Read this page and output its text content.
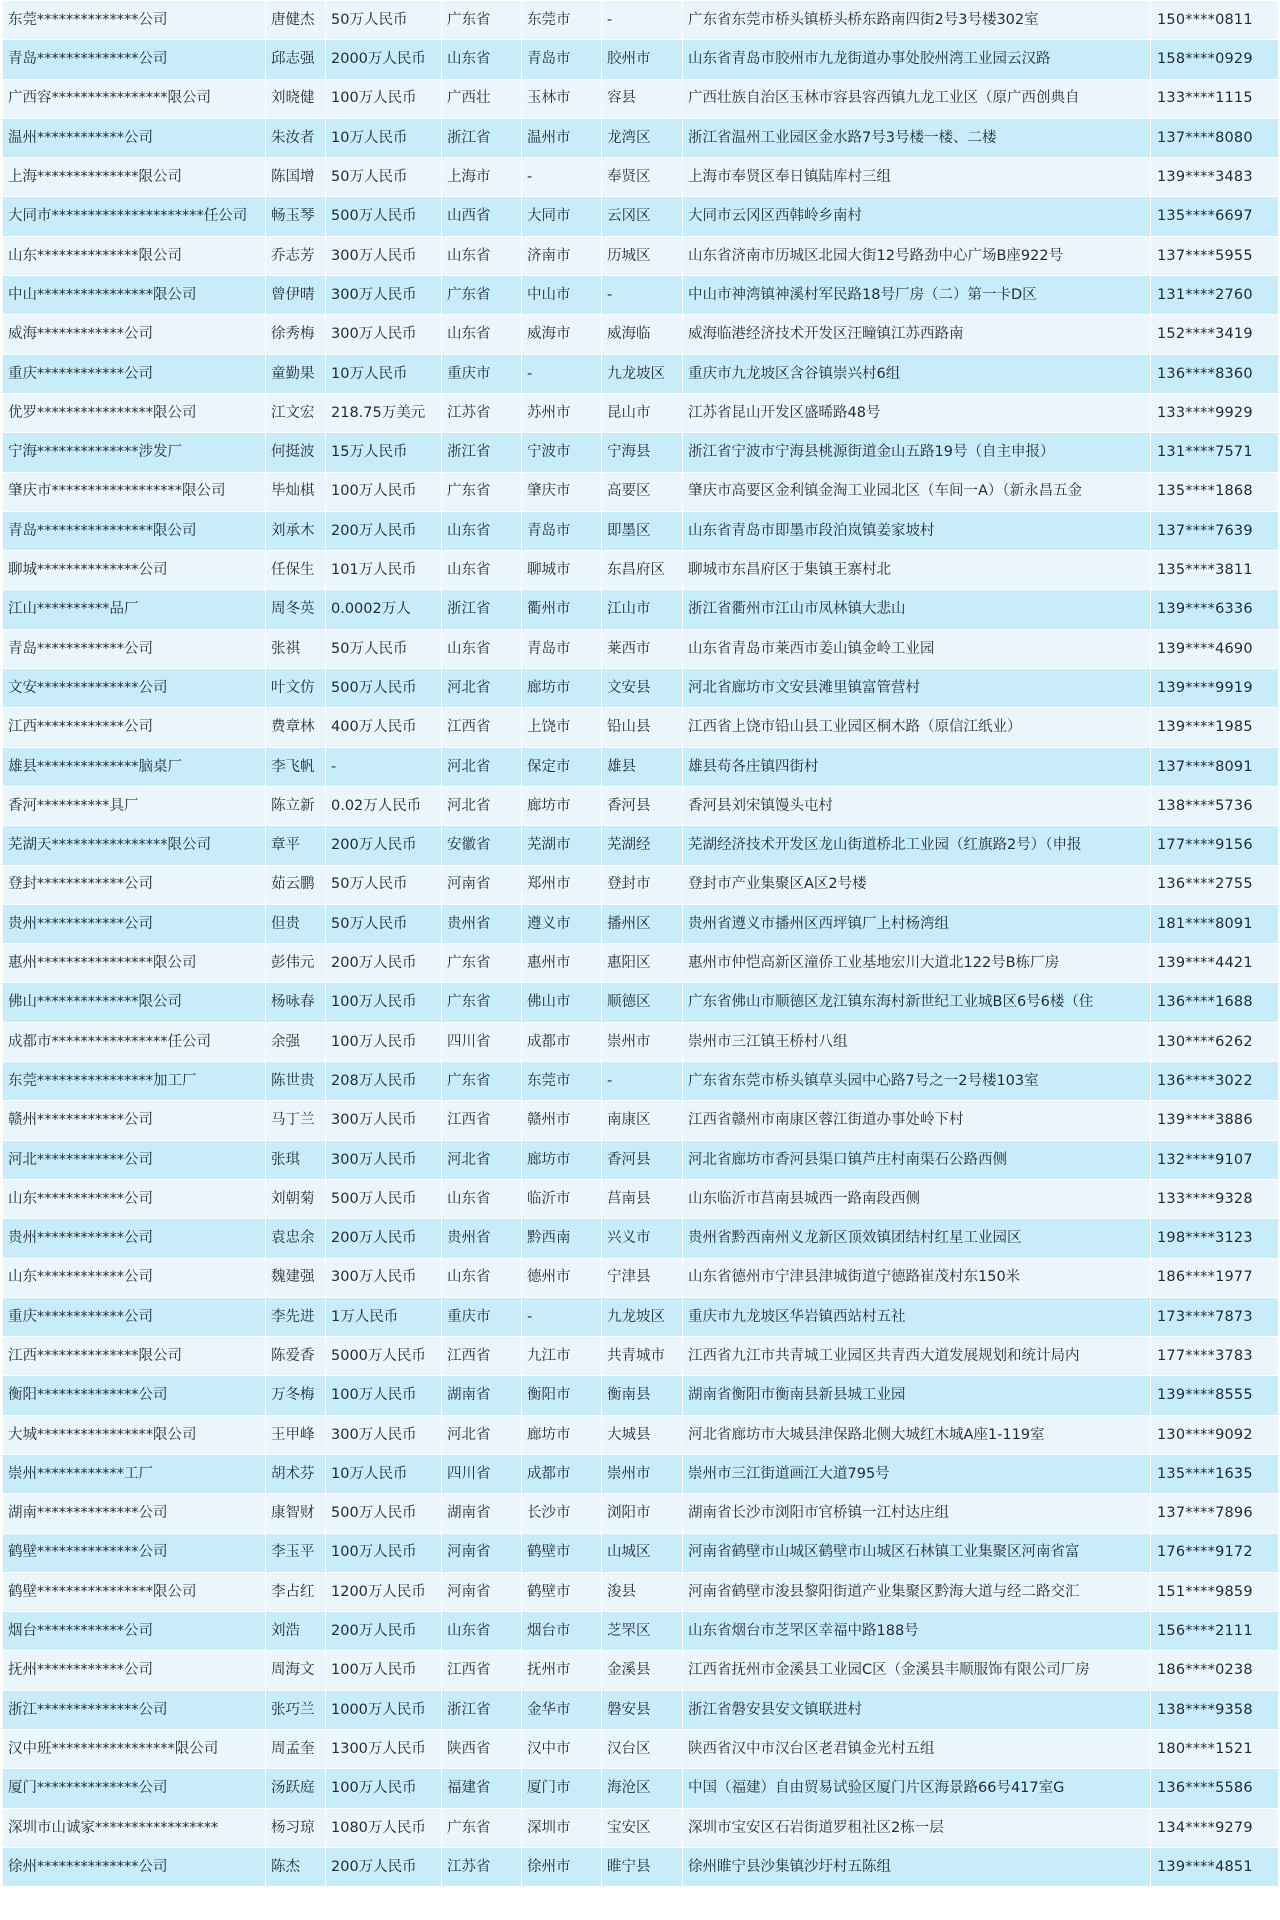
东莞**************公司	唐健杰	50万人民币	广东省	东莞市	-	广东省东莞市桥头镇桥头桥东路南四街2号3号楼302室	150****0811
青岛**************公司	邱志强	2000万人民币	山东省	青岛市	胶州市	山东省青岛市胶州市九龙街道办事处胶州湾工业园云汉路	158****0929
广西容****************限公司	刘晓健	100万人民币	广西壮	玉林市	容县	广西壮族自治区玉林市容县容西镇九龙工业区（原广西创典自	133****1115
温州************公司	朱汝者	10万人民币	浙江省	温州市	龙湾区	浙江省温州工业园区金水路7号3号楼一楼、二楼	137****8080
上海**************限公司	陈国增	50万人民币	上海市	-	奉贤区	上海市奉贤区奉日镇陆库村三组	139****3483
大同市*********************任公司	畅玉琴	500万人民币	山西省	大同市	云冈区	大同市云冈区西韩岭乡南村	135****6697
山东**************限公司	乔志芳	300万人民币	山东省	济南市	历城区	山东省济南市历城区北园大街12号路劲中心广场B座922号	137****5955
中山****************限公司	曾伊晴	300万人民币	广东省	中山市	-	中山市神湾镇神溪村军民路18号厂房（二）第一卡D区	131****2760
威海************公司	徐秀梅	300万人民币	山东省	威海市	威海临	威海临港经济技术开发区汪疃镇江苏西路南	152****3419
重庆************公司	童勤果	10万人民币	重庆市	-	九龙坡区	重庆市九龙坡区含谷镇崇兴村6组	136****8360
优罗****************限公司	江文宏	218.75万美元	江苏省	苏州市	昆山市	江苏省昆山开发区盛晞路48号	133****9929
宁海**************涉发厂	何挺波	15万人民币	浙江省	宁波市	宁海县	浙江省宁波市宁海县桃源街道金山五路19号（自主申报）	131****7571
肇庆市******************限公司	毕灿棋	100万人民币	广东省	肇庆市	高要区	肇庆市高要区金利镇金淘工业园北区（车间一A）（新永昌五金	135****1868
青岛****************限公司	刘承木	200万人民币	山东省	青岛市	即墨区	山东省青岛市即墨市段泊岚镇姜家坡村	137****7639
聊城**************公司	任保生	101万人民币	山东省	聊城市	东昌府区	聊城市东昌府区于集镇王寨村北	135****3811
江山**********品厂	周冬英	0.0002万人	浙江省	衢州市	江山市	浙江省衢州市江山市凤林镇大悲山	139****6336
青岛************公司	张祺	50万人民币	山东省	青岛市	莱西市	山东省青岛市莱西市姜山镇金岭工业园	139****4690
文安**************公司	叶文仿	500万人民币	河北省	廊坊市	文安县	河北省廊坊市文安县滩里镇富管营村	139****9919
江西************公司	费章林	400万人民币	江西省	上饶市	铅山县	江西省上饶市铅山县工业园区桐木路（原信江纸业）	139****1985
雄县**************脑桌厂	李飞帆	-	河北省	保定市	雄县	雄县苟各庄镇四街村	137****8091
香河**********具厂	陈立新	0.02万人民币	河北省	廊坊市	香河县	香河县刘宋镇馒头屯村	138****5736
芜湖天****************限公司	章平	200万人民币	安徽省	芜湖市	芜湖经	芜湖经济技术开发区龙山街道桥北工业园（红旗路2号）（申报	177****9156
登封************公司	茹云鹏	50万人民币	河南省	郑州市	登封市	登封市产业集聚区A区2号楼	136****2755
贵州************公司	但贵	50万人民币	贵州省	遵义市	播州区	贵州省遵义市播州区西坪镇厂上村杨湾组	181****8091
惠州****************限公司	彭伟元	200万人民币	广东省	惠州市	惠阳区	惠州市仲恺高新区潼侨工业基地宏川大道北122号B栋厂房	139****4421
佛山**************限公司	杨咏春	100万人民币	广东省	佛山市	顺德区	广东省佛山市顺德区龙江镇东海村新世纪工业城B区6号6楼（住	136****1688
成都市****************任公司	余强	100万人民币	四川省	成都市	崇州市	崇州市三江镇王桥村八组	130****6262
东莞****************加工厂	陈世贵	208万人民币	广东省	东莞市	-	广东省东莞市桥头镇草头园中心路7号之一2号楼103室	136****3022
赣州************公司	马丁兰	300万人民币	江西省	赣州市	南康区	江西省赣州市南康区蓉江街道办事处岭下村	139****3886
河北************公司	张琪	300万人民币	河北省	廊坊市	香河县	河北省廊坊市香河县渠口镇芦庄村南渠石公路西侧	132****9107
山东************公司	刘朝菊	500万人民币	山东省	临沂市	莒南县	山东临沂市莒南县城西一路南段西侧	133****9328
贵州************公司	袁忠余	200万人民币	贵州省	黔西南	兴义市	贵州省黔西南州义龙新区顶效镇团结村红星工业园区	198****3123
山东************公司	魏建强	300万人民币	山东省	德州市	宁津县	山东省德州市宁津县津城街道宁德路崔茂村东150米	186****1977
重庆************公司	李先进	1万人民币	重庆市	-	九龙坡区	重庆市九龙坡区华岩镇西站村五社	173****7873
江西**************限公司	陈爱香	5000万人民币	江西省	九江市	共青城市	江西省九江市共青城工业园区共青西大道发展规划和统计局内	177****3783
衡阳**************公司	万冬梅	100万人民币	湖南省	衡阳市	衡南县	湖南省衡阳市衡南县新县城工业园	139****8555
大城****************限公司	王甲峰	300万人民币	河北省	廊坊市	大城县	河北省廊坊市大城县津保路北侧大城红木城A座1-119室	130****9092
崇州************工厂	胡术芬	10万人民币	四川省	成都市	崇州市	崇州市三江街道画江大道795号	135****1635
湖南**************公司	康智财	500万人民币	湖南省	长沙市	浏阳市	湖南省长沙市浏阳市官桥镇一江村达庄组	137****7896
鹤壁**************公司	李玉平	100万人民币	河南省	鹤壁市	山城区	河南省鹤壁市山城区鹤壁市山城区石林镇工业集聚区河南省富	176****9172
鹤壁****************限公司	李占红	1200万人民币	河南省	鹤壁市	浚县	河南省鹤壁市浚县黎阳街道产业集聚区黔海大道与经二路交汇	151****9859
烟台************公司	刘浩	200万人民币	山东省	烟台市	芝罘区	山东省烟台市芝罘区幸福中路188号	156****2111
抚州************公司	周海文	100万人民币	江西省	抚州市	金溪县	江西省抚州市金溪县工业园C区（金溪县丰顺服饰有限公司厂房	186****0238
浙江**************公司	张巧兰	1000万人民币	浙江省	金华市	磐安县	浙江省磐安县安文镇联进村	138****9358
汉中班*****************限公司	周孟奎	1300万人民币	陕西省	汉中市	汉台区	陕西省汉中市汉台区老君镇金光村五组	180****1521
厦门**************公司	汤跃庭	100万人民币	福建省	厦门市	海沧区	中国（福建）自由贸易试验区厦门片区海景路66号417室G	136****5586
深圳市山诚家*****************	杨习琼	1080万人民币	广东省	深圳市	宝安区	深圳市宝安区石岩街道罗租社区2栋一层	134****9279
徐州**************公司	陈杰	200万人民币	江苏省	徐州市	睢宁县	徐州睢宁县沙集镇沙圩村五陈组	139****4851
